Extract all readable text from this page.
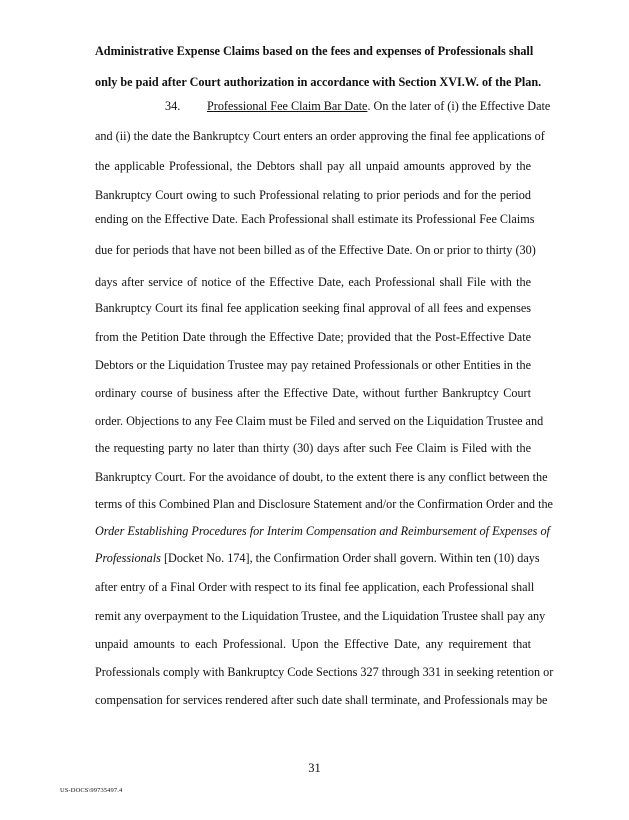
Administrative Expense Claims based on the fees and expenses of Professionals shall
only be paid after Court authorization in accordance with Section XVI.W. of the Plan.
34. Professional Fee Claim Bar Date. On the later of (i) the Effective Date
and (ii) the date the Bankruptcy Court enters an order approving the final fee applications of
the applicable Professional, the Debtors shall pay all unpaid amounts approved by the
Bankruptcy Court owing to such Professional relating to prior periods and for the period
ending on the Effective Date. Each Professional shall estimate its Professional Fee Claims
due for periods that have not been billed as of the Effective Date. On or prior to thirty (30)
days after service of notice of the Effective Date, each Professional shall File with the
Bankruptcy Court its final fee application seeking final approval of all fees and expenses
from the Petition Date through the Effective Date; provided that the Post-Effective Date
Debtors or the Liquidation Trustee may pay retained Professionals or other Entities in the
ordinary course of business after the Effective Date, without further Bankruptcy Court
order. Objections to any Fee Claim must be Filed and served on the Liquidation Trustee and
the requesting party no later than thirty (30) days after such Fee Claim is Filed with the
Bankruptcy Court. For the avoidance of doubt, to the extent there is any conflict between the
terms of this Combined Plan and Disclosure Statement and/or the Confirmation Order and the
Order Establishing Procedures for Interim Compensation and Reimbursement of Expenses of
Professionals [Docket No. 174], the Confirmation Order shall govern. Within ten (10) days
after entry of a Final Order with respect to its final fee application, each Professional shall
remit any overpayment to the Liquidation Trustee, and the Liquidation Trustee shall pay any
unpaid amounts to each Professional. Upon the Effective Date, any requirement that
Professionals comply with Bankruptcy Code Sections 327 through 331 in seeking retention or
compensation for services rendered after such date shall terminate, and Professionals may be
31
US-DOCS\99735497.4
